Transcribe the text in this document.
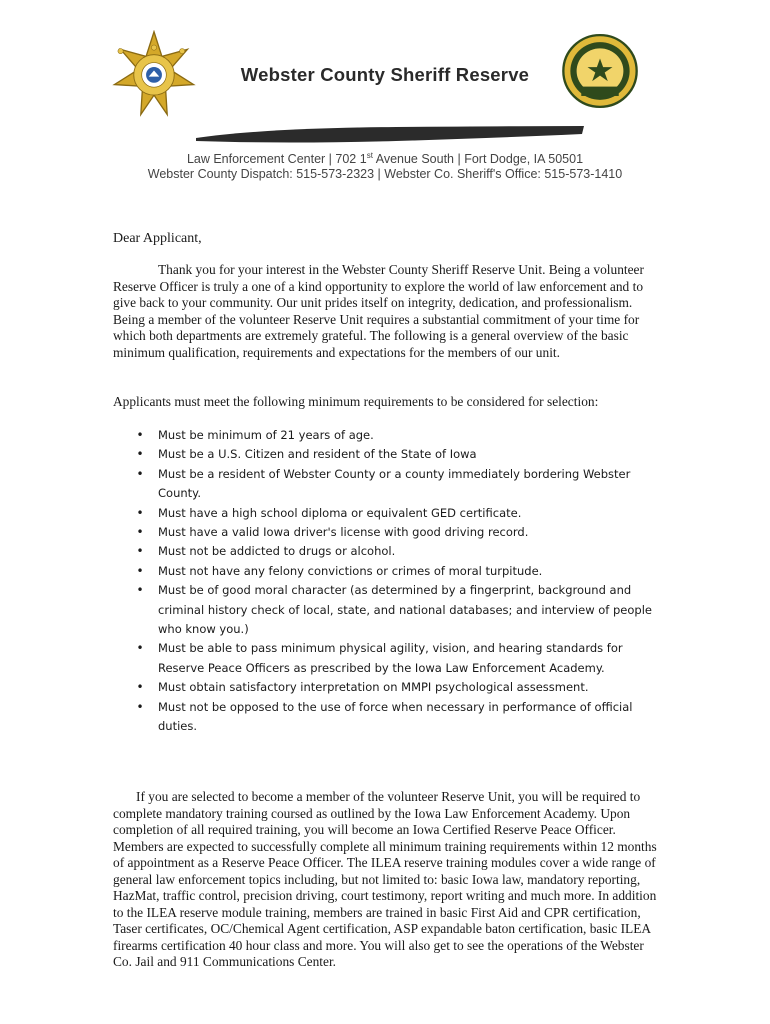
Webster County Sheriff Reserve
Law Enforcement Center | 702 1st Avenue South | Fort Dodge, IA 50501
Webster County Dispatch: 515-573-2323 | Webster Co. Sheriff's Office: 515-573-1410
Dear Applicant,

Thank you for your interest in the Webster County Sheriff Reserve Unit. Being a volunteer Reserve Officer is truly a one of a kind opportunity to explore the world of law enforcement and to give back to your community. Our unit prides itself on integrity, dedication, and professionalism. Being a member of the volunteer Reserve Unit requires a substantial commitment of your time for which both departments are extremely grateful. The following is a general overview of the basic minimum qualification, requirements and expectations for the members of our unit.

Applicants must meet the following minimum requirements to be considered for selection:

• Must be minimum of 21 years of age.
• Must be a U.S. Citizen and resident of the State of Iowa
• Must be a resident of Webster County or a county immediately bordering Webster County.
• Must have a high school diploma or equivalent GED certificate.
• Must have a valid Iowa driver's license with good driving record.
• Must not be addicted to drugs or alcohol.
• Must not have any felony convictions or crimes of moral turpitude.
• Must be of good moral character (as determined by a fingerprint, background and criminal history check of local, state, and national databases; and interview of people who know you.)
• Must be able to pass minimum physical agility, vision, and hearing standards for Reserve Peace Officers as prescribed by the Iowa Law Enforcement Academy.
• Must obtain satisfactory interpretation on MMPI psychological assessment.
• Must not be opposed to the use of force when necessary in performance of official duties.

If you are selected to become a member of the volunteer Reserve Unit, you will be required to complete mandatory training coursed as outlined by the Iowa Law Enforcement Academy. Upon completion of all required training, you will become an Iowa Certified Reserve Peace Officer. Members are expected to successfully complete all minimum training requirements within 12 months of appointment as a Reserve Peace Officer. The ILEA reserve training modules cover a wide range of general law enforcement topics including, but not limited to: basic Iowa law, mandatory reporting, HazMat, traffic control, precision driving, court testimony, report writing and much more. In addition to the ILEA reserve module training, members are trained in basic First Aid and CPR certification, Taser certificates, OC/Chemical Agent certification, ASP expandable baton certification, basic ILEA firearms certification 40 hour class and more. You will also get to see the operations of the Webster Co. Jail and 911 Communications Center.
